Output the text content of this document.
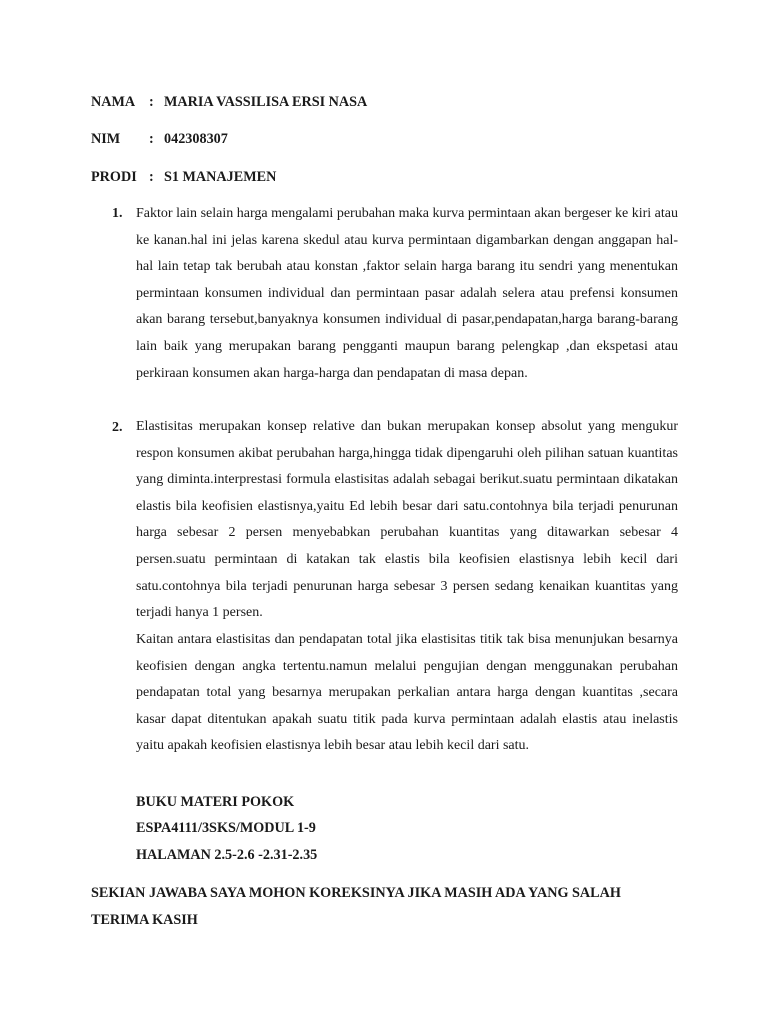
NAMA : MARIA VASSILISA ERSI NASA
NIM : 042308307
PRODI : S1 MANAJEMEN
1. Faktor lain selain harga mengalami perubahan maka kurva permintaan akan bergeser ke kiri atau ke kanan.hal ini jelas karena skedul atau kurva permintaan digambarkan dengan anggapan hal-hal lain tetap tak berubah atau konstan ,faktor selain harga barang itu sendri yang menentukan permintaan konsumen individual dan permintaan pasar adalah selera atau prefensi konsumen akan barang tersebut,banyaknya konsumen individual di pasar,pendapatan,harga barang-barang lain baik yang merupakan barang pengganti maupun barang pelengkap ,dan ekspetasi atau perkiraan konsumen akan harga-harga dan pendapatan di masa depan.

2. Elastisitas merupakan konsep relative dan bukan merupakan konsep absolut yang mengukur respon konsumen akibat perubahan harga,hingga tidak dipengaruhi oleh pilihan satuan kuantitas yang diminta.interprestasi formula elastisitas adalah sebagai berikut.suatu permintaan dikatakan elastis bila keofisien elastisnya,yaitu Ed lebih besar dari satu.contohnya bila terjadi penurunan harga sebesar 2 persen menyebabkan perubahan kuantitas yang ditawarkan sebesar 4 persen.suatu permintaan di katakan tak elastis bila keofisien elastisnya lebih kecil dari satu.contohnya bila terjadi penurunan harga sebesar 3 persen sedang kenaikan kuantitas yang terjadi hanya 1 persen.

Kaitan antara elastisitas dan pendapatan total jika elastisitas titik tak bisa menunjukan besarnya keofisien dengan angka tertentu.namun melalui pengujian dengan menggunakan perubahan pendapatan total yang besarnya merupakan perkalian antara harga dengan kuantitas ,secara kasar dapat ditentukan apakah suatu titik pada kurva permintaan adalah elastis atau inelastis yaitu apakah keofisien elastisnya lebih besar atau lebih kecil dari satu.

BUKU MATERI POKOK
ESPA4111/3SKS/MODUL 1-9
HALAMAN 2.5-2.6 -2.31-2.35
SEKIAN JAWABA SAYA MOHON KOREKSINYA JIKA MASIH ADA YANG SALAH
TERIMA KASIH
